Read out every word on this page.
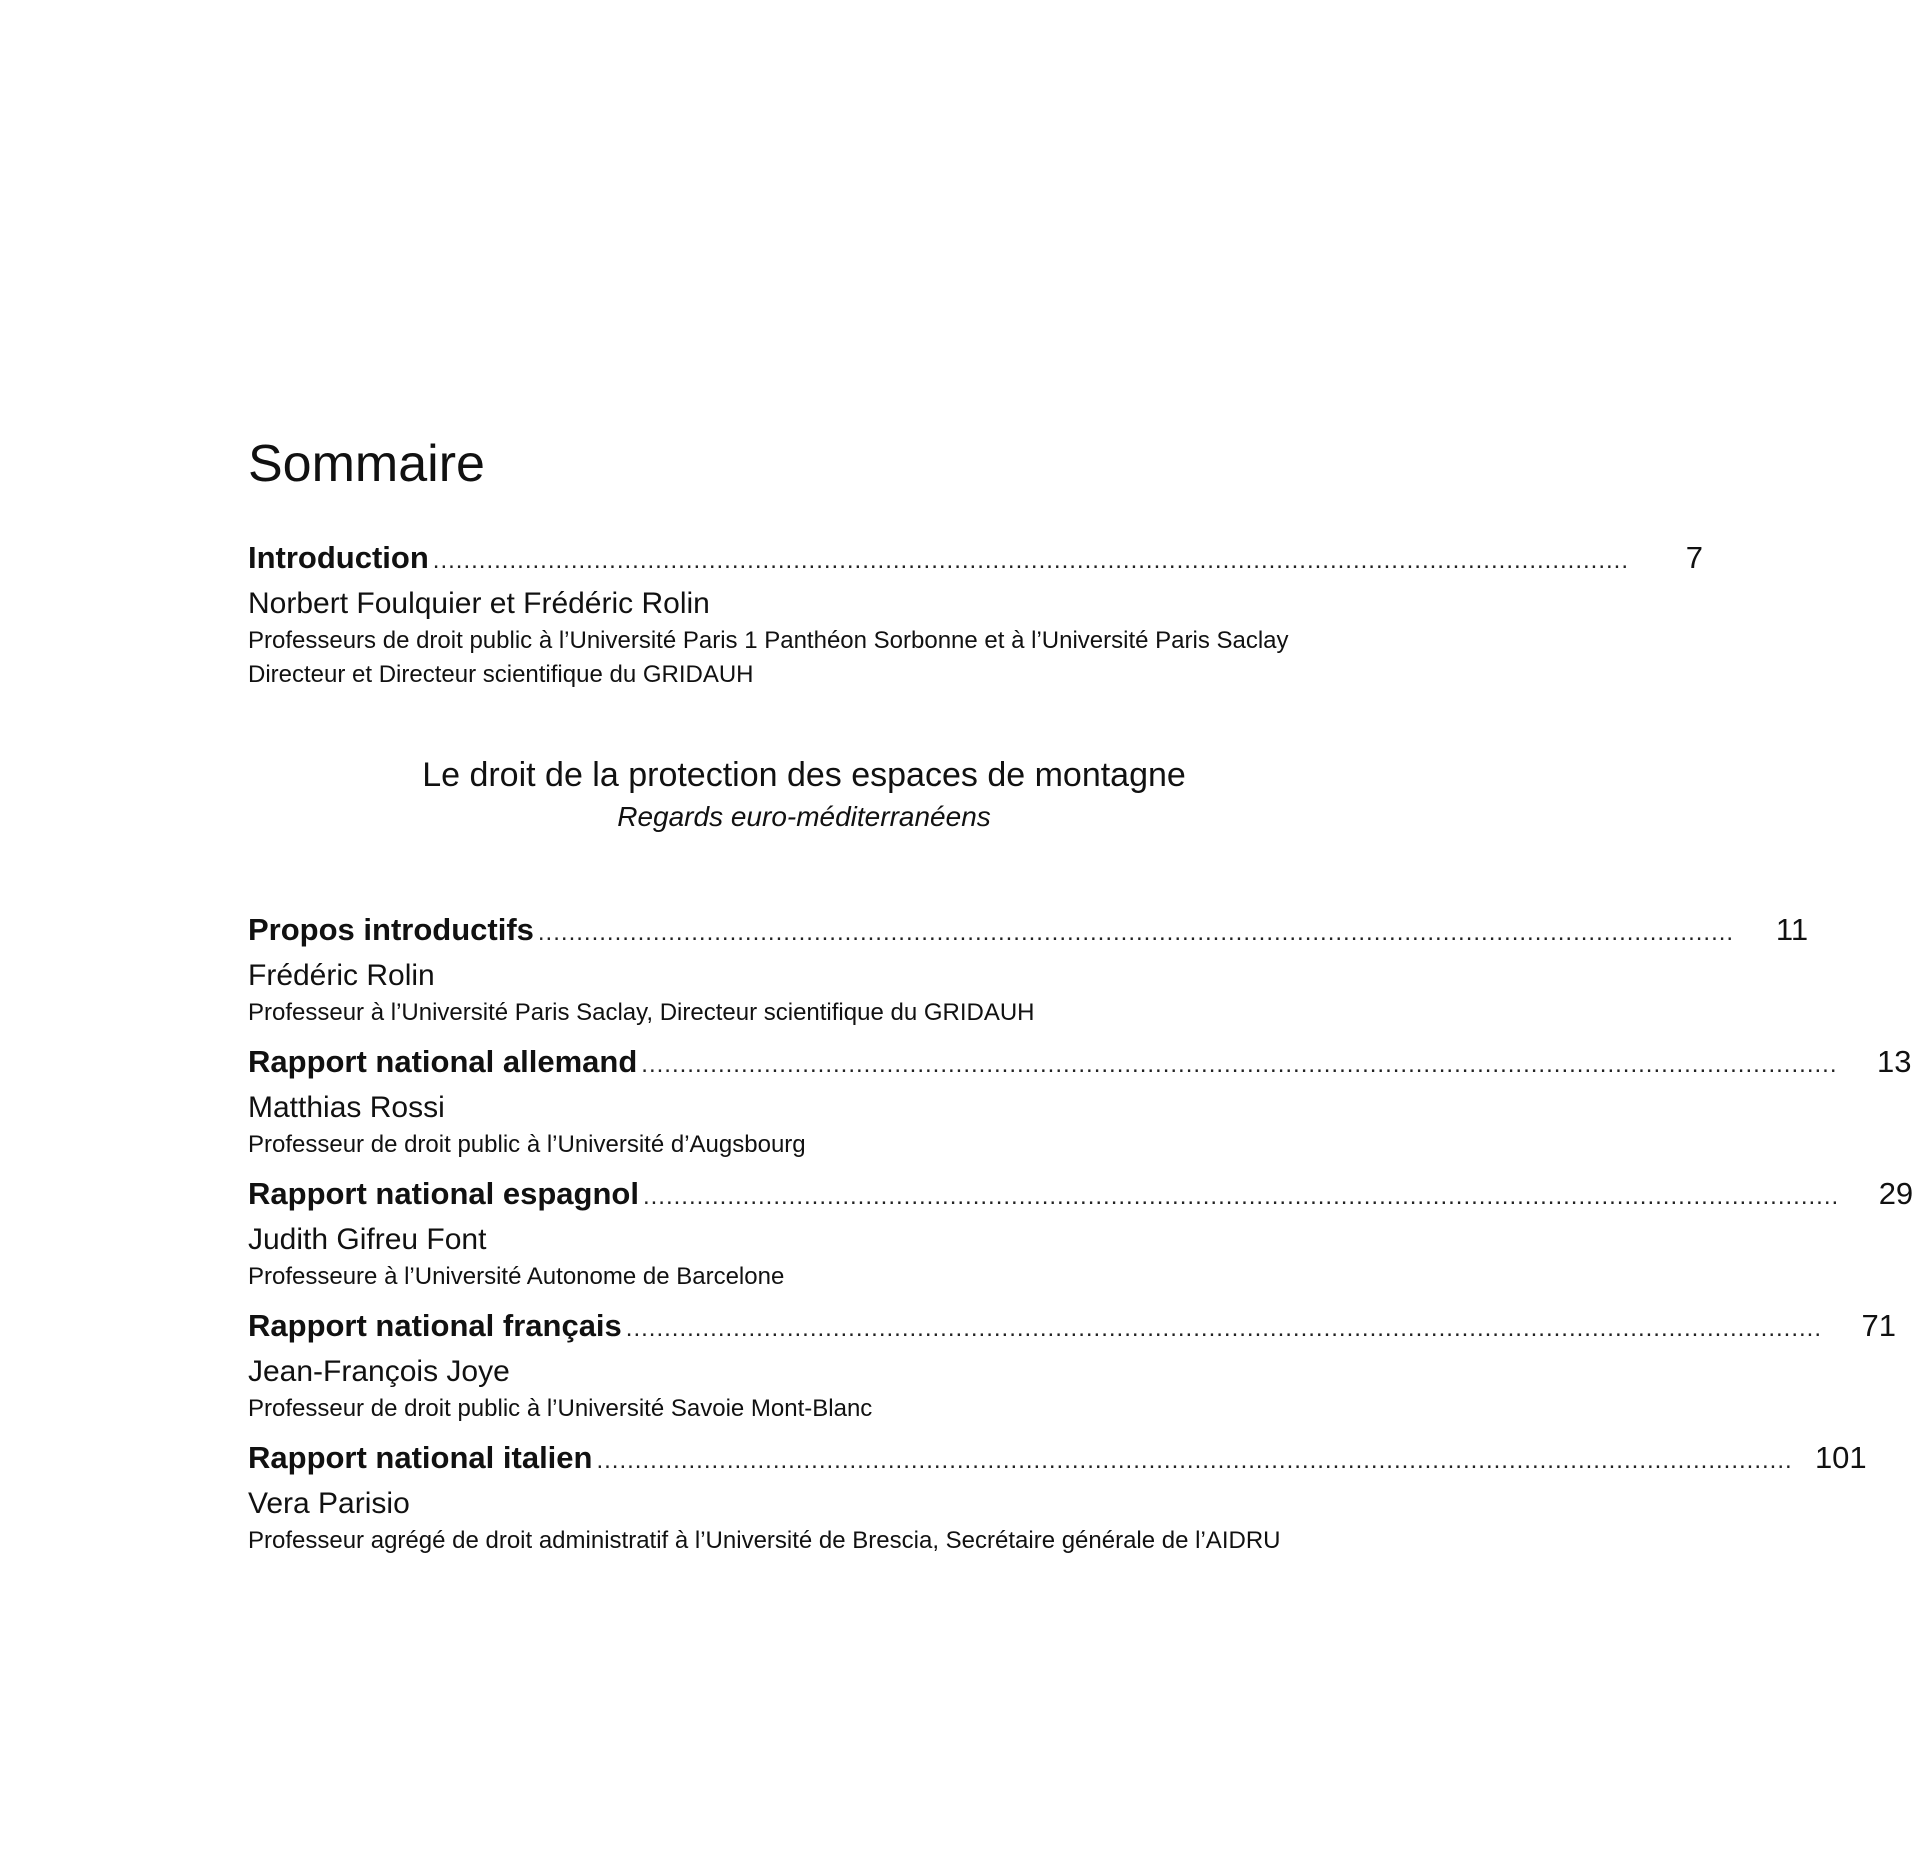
Sommaire
Introduction ............................................................................................................................................................	7
Norbert Foulquier et Frédéric Rolin
Professeurs de droit public à l’Université Paris 1 Panthéon Sorbonne et à l’Université Paris Saclay
Directeur et Directeur scientifique du GRIDAUH
Le droit de la protection des espaces de montagne
Regards euro-méditerranéens
Propos introductifs ............................................................................................................................................................	11
Frédéric Rolin
Professeur à l’Université Paris Saclay, Directeur scientifique du GRIDAUH
Rapport national allemand ............................................................................................................................................................	13
Matthias Rossi
Professeur de droit public à l’Université d’Augsbourg
Rapport national espagnol ............................................................................................................................................................	29
Judith Gifreu Font
Professeure à l’Université Autonome de Barcelone
Rapport national français ............................................................................................................................................................	71
Jean-François Joye
Professeur de droit public à l’Université Savoie Mont-Blanc
Rapport national italien ............................................................................................................................................................ 101
Vera Parisio
Professeur agrégé de droit administratif à l’Université de Brescia, Secrétaire générale de l’AIDRU
